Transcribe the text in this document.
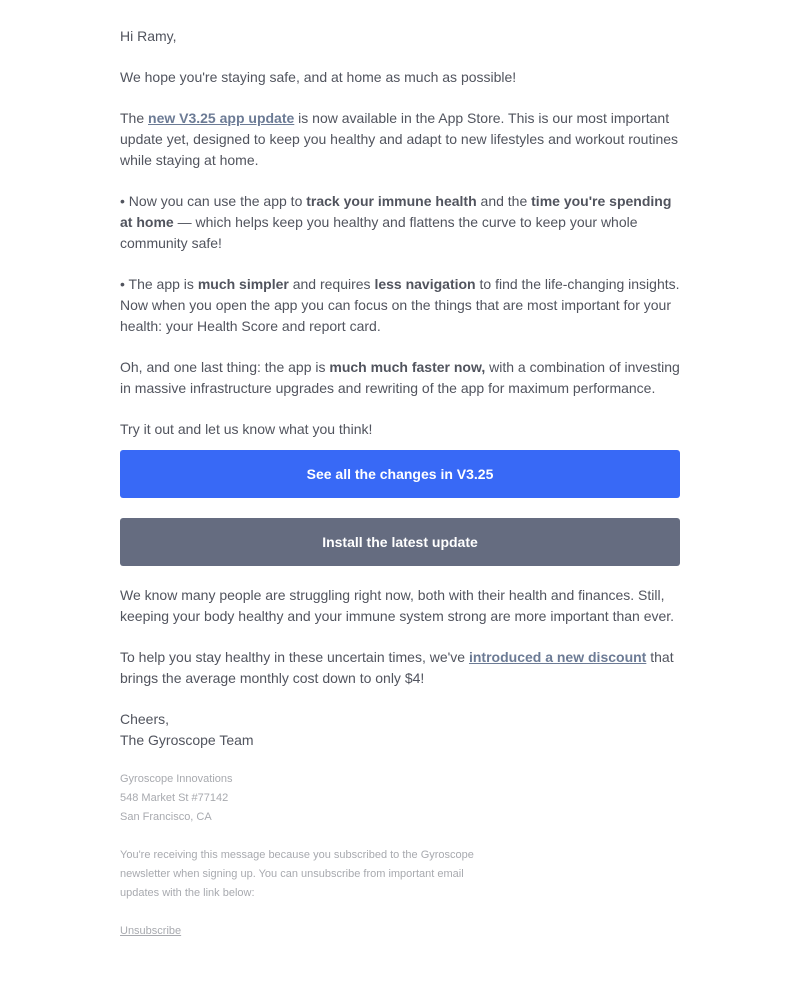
Hi Ramy,

We hope you're staying safe, and at home as much as possible!

The new V3.25 app update is now available in the App Store. This is our most important update yet, designed to keep you healthy and adapt to new lifestyles and workout routines while staying at home.

• Now you can use the app to track your immune health and the time you're spending at home — which helps keep you healthy and flattens the curve to keep your whole community safe!

• The app is much simpler and requires less navigation to find the life-changing insights. Now when you open the app you can focus on the things that are most important for your health: your Health Score and report card.

Oh, and one last thing: the app is much much faster now, with a combination of investing in massive infrastructure upgrades and rewriting of the app for maximum performance.

Try it out and let us know what you think!

See all the changes in V3.25
Install the latest update

We know many people are struggling right now, both with their health and finances. Still, keeping your body healthy and your immune system strong are more important than ever.

To help you stay healthy in these uncertain times, we've introduced a new discount that brings the average monthly cost down to only $4!

Cheers,
The Gyroscope Team
Gyroscope Innovations
548 Market St #77142
San Francisco, CA
You're receiving this message because you subscribed to the Gyroscope newsletter when signing up. You can unsubscribe from important email updates with the link below:
Unsubscribe
